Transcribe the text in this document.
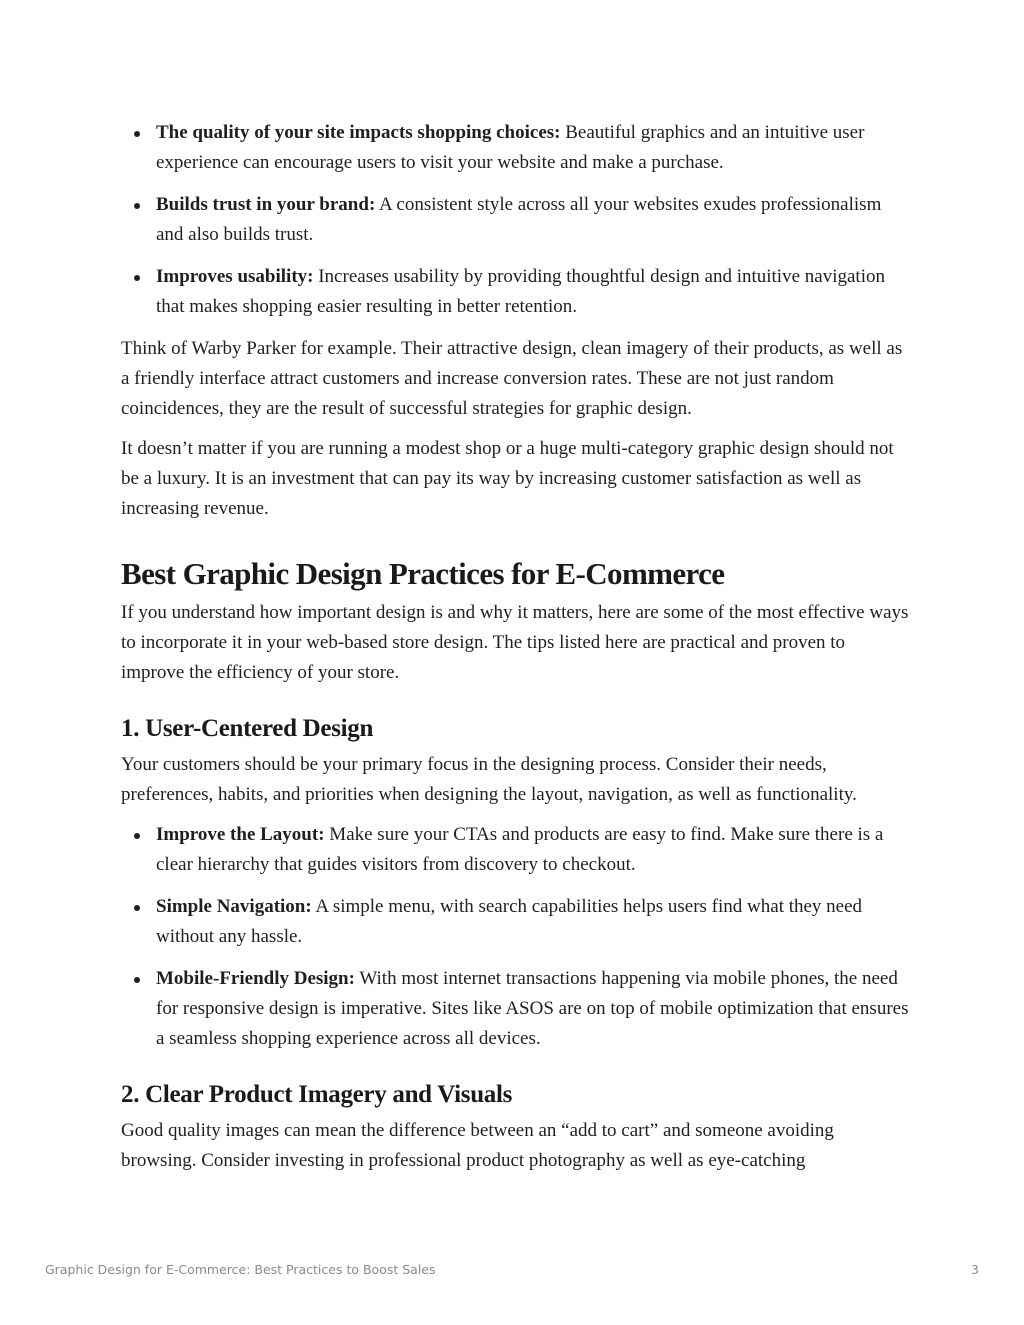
The quality of your site impacts shopping choices: Beautiful graphics and an intuitive user experience can encourage users to visit your website and make a purchase.
Builds trust in your brand: A consistent style across all your websites exudes professionalism and also builds trust.
Improves usability: Increases usability by providing thoughtful design and intuitive navigation that makes shopping easier resulting in better retention.

Think of Warby Parker for example. Their attractive design, clean imagery of their products, as well as a friendly interface attract customers and increase conversion rates. These are not just random coincidences, they are the result of successful strategies for graphic design.

It doesn’t matter if you are running a modest shop or a huge multi-category graphic design should not be a luxury. It is an investment that can pay its way by increasing customer satisfaction as well as increasing revenue.

Best Graphic Design Practices for E-Commerce

If you understand how important design is and why it matters, here are some of the most effective ways to incorporate it in your web-based store design. The tips listed here are practical and proven to improve the efficiency of your store.

1. User-Centered Design

Your customers should be your primary focus in the designing process. Consider their needs, preferences, habits, and priorities when designing the layout, navigation, as well as functionality.

Improve the Layout: Make sure your CTAs and products are easy to find. Make sure there is a clear hierarchy that guides visitors from discovery to checkout.
Simple Navigation: A simple menu, with search capabilities helps users find what they need without any hassle.
Mobile-Friendly Design: With most internet transactions happening via mobile phones, the need for responsive design is imperative. Sites like ASOS are on top of mobile optimization that ensures a seamless shopping experience across all devices.
2. Clear Product Imagery and Visuals

Good quality images can mean the difference between an “add to cart” and someone avoiding browsing. Consider investing in professional product photography as well as eye-catching

Graphic Design for E-Commerce: Best Practices to Boost Sales	3
